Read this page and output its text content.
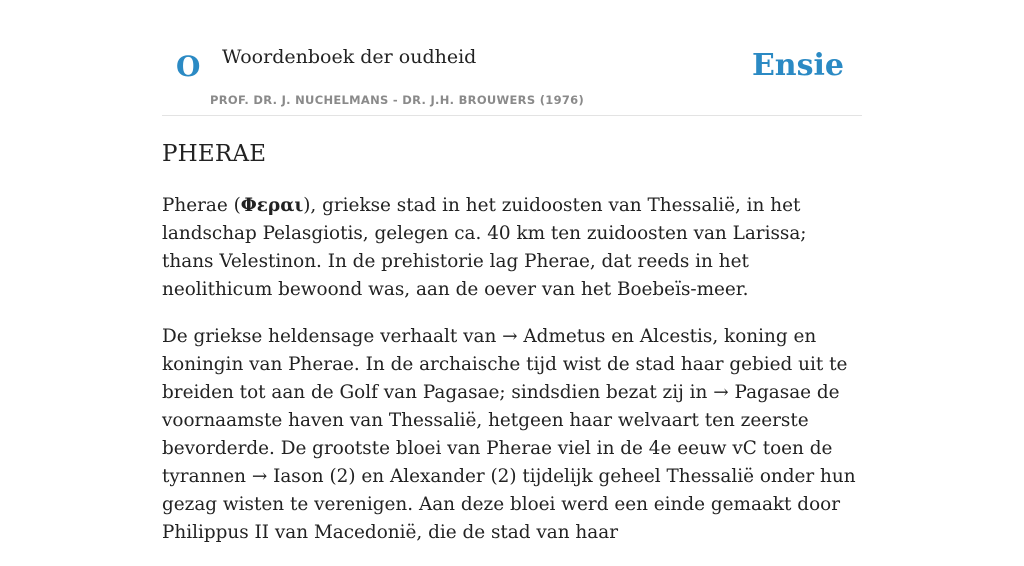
O Woordenboek der oudheid
PROF. DR. J. NUCHELMANS - DR. J.H. BROUWERS (1976)
Ensie
PHERAE

Pherae (Φεραι), griekse stad in het zuidoosten van Thessalië, in het landschap Pelasgiotis, gelegen ca. 40 km ten zuidoosten van Larissa; thans Velestinon. In de prehistorie lag Pherae, dat reeds in het neolithicum bewoond was, aan de oever van het Boebeïs-meer.

De griekse heldensage verhaalt van → Admetus en Alcestis, koning en koningin van Pherae. In de archaische tijd wist de stad haar gebied uit te breiden tot aan de Golf van Pagasae; sindsdien bezat zij in → Pagasae de voornaamste haven van Thessalië, hetgeen haar welvaart ten zeerste bevorderde. De grootste bloei van Pherae viel in de 4e eeuw vC toen de tyrannen → Iason (2) en Alexander (2) tijdelijk geheel Thessalië onder hun gezag wisten te verenigen. Aan deze bloei werd een einde gemaakt door Philippus II van Macedonië, die de stad van haar
